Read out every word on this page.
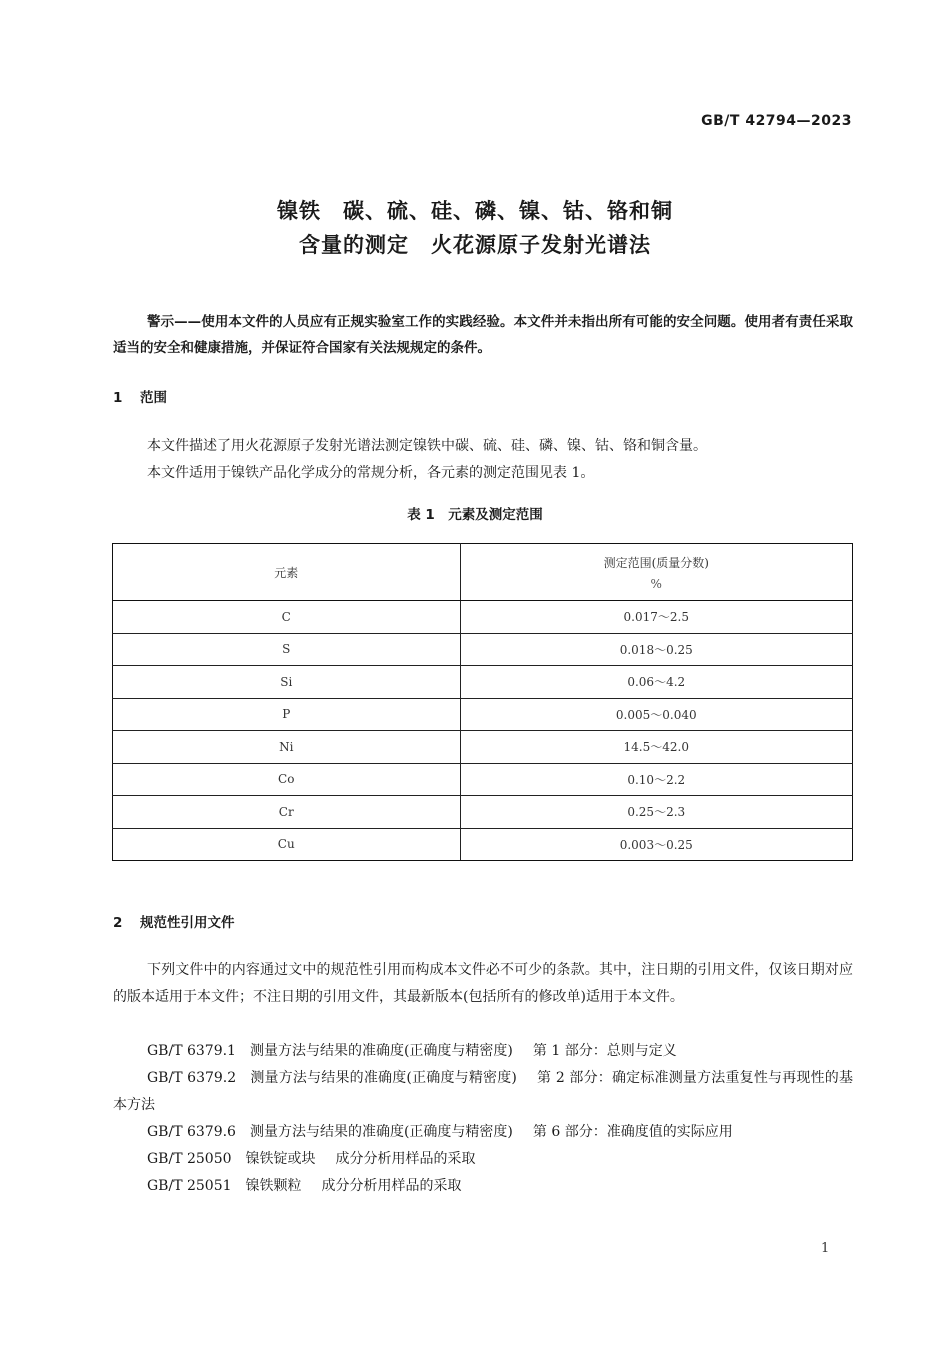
GB/T 42794—2023
镍铁　碳、硫、硅、磷、镍、钴、铬和铜
含量的测定　火花源原子发射光谱法

警示——使用本文件的人员应有正规实验室工作的实践经验。本文件并未指出所有可能的安全问题。使用者有责任采取适当的安全和健康措施，并保证符合国家有关法规规定的条件。

1 范围

本文件描述了用火花源原子发射光谱法测定镍铁中碳、硫、硅、磷、镍、钴、铬和铜含量。

本文件适用于镍铁产品化学成分的常规分析，各元素的测定范围见表 1。

表 1　元素及测定范围
元素	测定范围(质量分数)
%

C	0.017～2.5
S	0.018～0.25
Si	0.06～4.2
P	0.005～0.040
Ni	14.5～42.0
Co	0.10～2.2
Cr	0.25～2.3
Cu	0.003～0.25
2 规范性引用文件

下列文件中的内容通过文中的规范性引用而构成本文件必不可少的条款。其中，注日期的引用文件，仅该日期对应的版本适用于本文件；不注日期的引用文件，其最新版本(包括所有的修改单)适用于本文件。

GB/T 6379.1 测量方法与结果的准确度(正确度与精密度) 第 1 部分：总则与定义
GB/T 6379.2 测量方法与结果的准确度(正确度与精密度) 第 2 部分：确定标准测量方法重复性与再现性的基本方法
GB/T 6379.6 测量方法与结果的准确度(正确度与精密度) 第 6 部分：准确度值的实际应用
GB/T 25050 镍铁锭或块 成分分析用样品的采取
GB/T 25051 镍铁颗粒 成分分析用样品的采取
1
